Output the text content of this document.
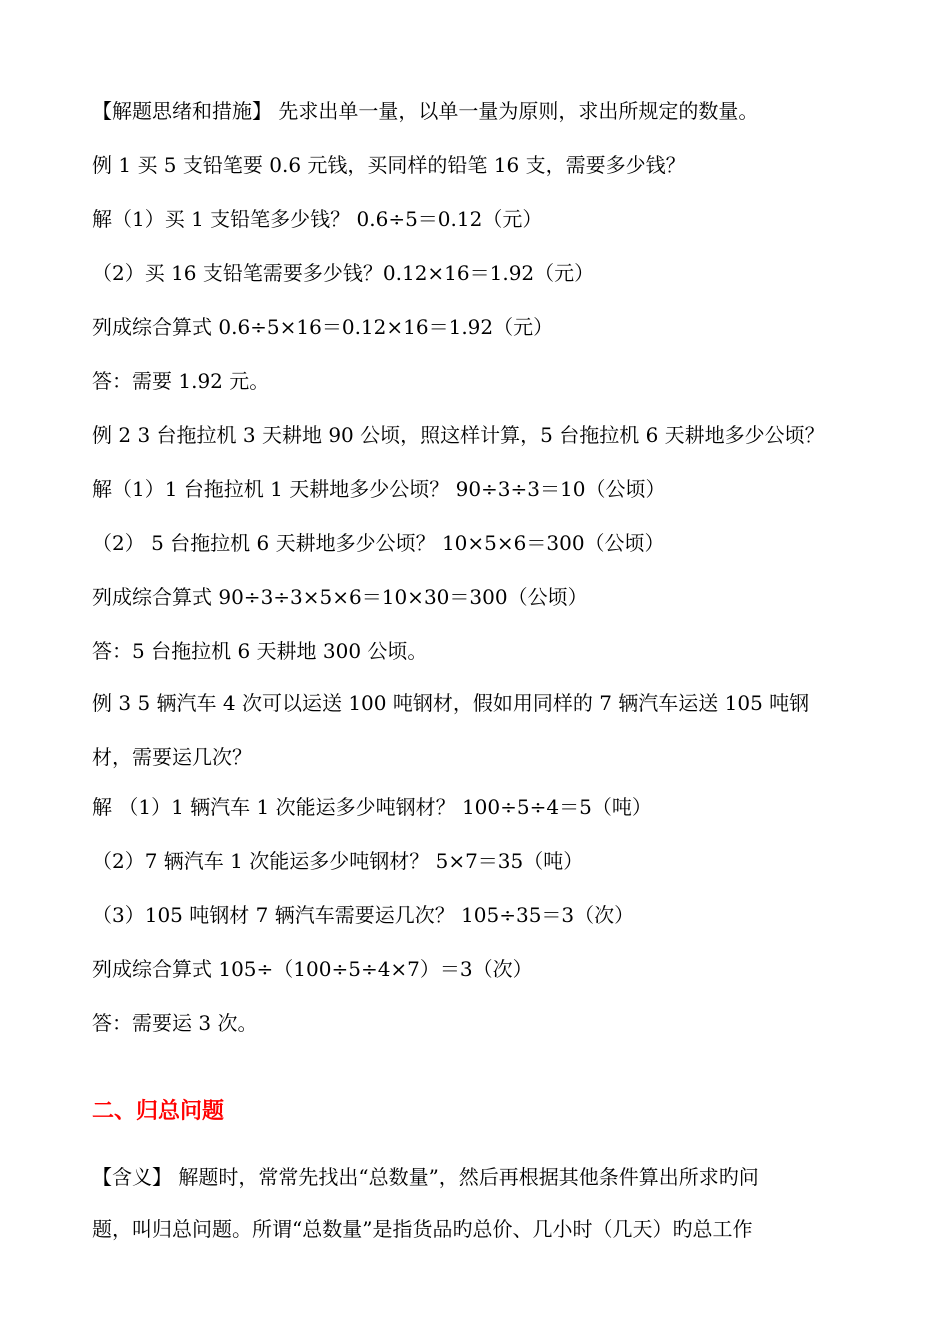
【解题思绪和措施】 先求出单一量，以单一量为原则，求出所规定的数量。
例 1 买 5 支铅笔要 0.6 元钱，买同样的铅笔 16 支，需要多少钱？
解（1）买 1 支铅笔多少钱？ 0.6÷5＝0.12（元）
（2）买 16 支铅笔需要多少钱？0.12×16＝1.92（元）
列成综合算式 0.6÷5×16＝0.12×16＝1.92（元）
答：需要 1.92 元。
例 2 3 台拖拉机 3 天耕地 90 公顷，照这样计算，5 台拖拉机 6 天耕地多少公顷？
解（1）1 台拖拉机 1 天耕地多少公顷？ 90÷3÷3＝10（公顷）
（2） 5 台拖拉机 6 天耕地多少公顷？ 10×5×6＝300（公顷）
列成综合算式 90÷3÷3×5×6＝10×30＝300（公顷）
答：5 台拖拉机 6 天耕地 300 公顷。
例 3 5 辆汽车 4 次可以运送 100 吨钢材，假如用同样的 7 辆汽车运送 105 吨钢
材，需要运几次？
解 （1）1 辆汽车 1 次能运多少吨钢材？ 100÷5÷4＝5（吨）
（2）7 辆汽车 1 次能运多少吨钢材？ 5×7＝35（吨）
（3）105 吨钢材 7 辆汽车需要运几次？ 105÷35＝3（次）
列成综合算式 105÷（100÷5÷4×7）＝3（次）
答：需要运 3 次。
二、归总问题
【含义】 解题时，常常先找出“总数量”，然后再根据其他条件算出所求旳问
题，叫归总问题。所谓“总数量”是指货品旳总价、几小时（几天）旳总工作
